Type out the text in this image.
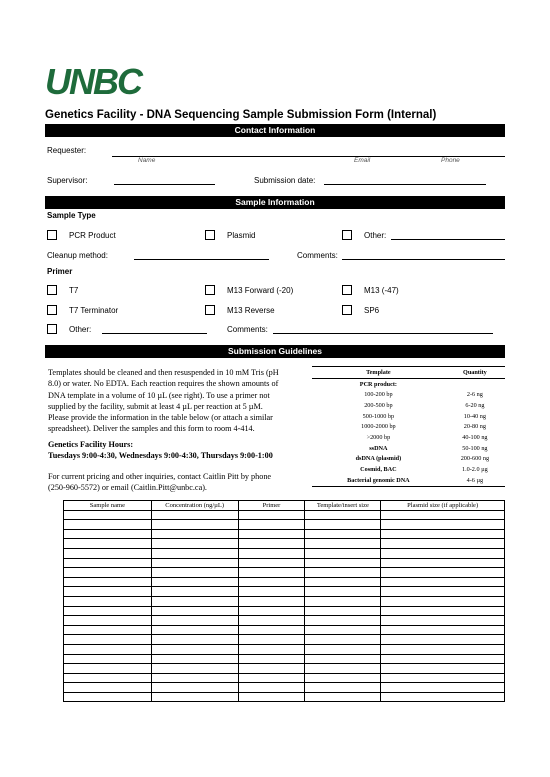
UNBC
Genetics Facility - DNA Sequencing Sample Submission Form (Internal)
Contact Information
Requester:
Name	Email	Phone
Supervisor:	Submission date:
Sample Information
Sample Type
PCR Product	Plasmid	Other:
Cleanup method:	Comments:
Primer
T7	M13 Forward (-20)	M13 (-47)
T7 Terminator	M13 Reverse	SP6
Other:	Comments:
Submission Guidelines
Templates should be cleaned and then resuspended in 10 mM Tris (pH
8.0) or water. No EDTA. Each reaction requires the shown amounts of
DNA template in a volume of 10 µL (see right). To use a primer not
supplied by the facility, submit at least 4 µL per reaction at 5 µM.
Please provide the information in the table below (or attach a similar
spreadsheet). Deliver the samples and this form to room 4-414.
Genetics Facility Hours:
Tuesdays 9:00-4:30, Wednesdays 9:00-4:30, Thursdays 9:00-1:00
For current pricing and other inquiries, contact Caitlin Pitt by phone
(250-960-5572) or email (Caitlin.Pitt@unbc.ca).
Template	Quantity
PCR product:	
100-200 bp	2-6 ng
200-500 bp	6-20 ng
500-1000 bp	10-40 ng
1000-2000 bp	20-80 ng
>2000 bp	40-100 ng
ssDNA	50-100 ng
dsDNA (plasmid)	200-600 ng
Cosmid, BAC	1.0-2.0 µg
Bacterial genomic DNA	4-6 µg
Sample name	Concentration (ng/µL)	Primer	Template/insert size	Plasmid size (if applicable)
